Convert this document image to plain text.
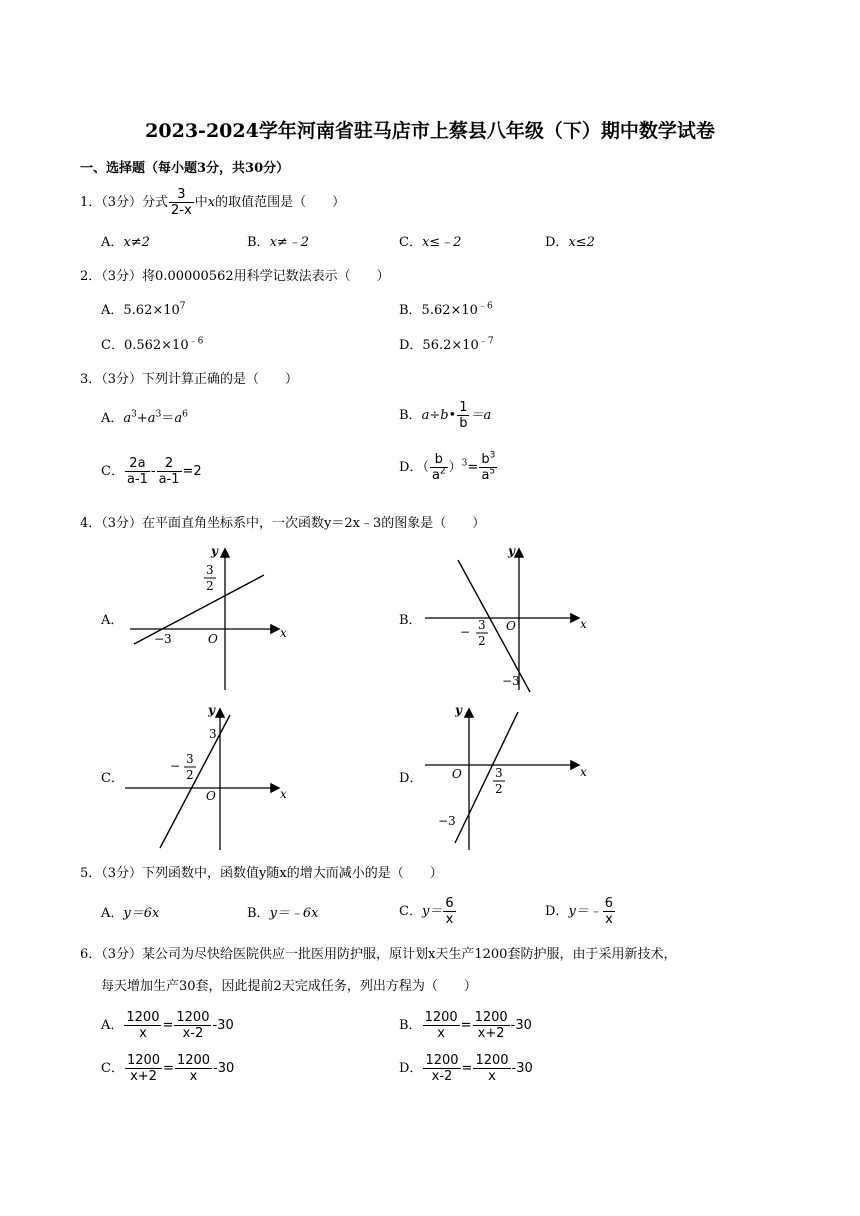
2023-2024学年河南省驻马店市上蔡县八年级（下）期中数学试卷
一、选择题（每小题3分，共30分）
1．（3分）分式 $\frac{3}{2-x}$ 中x的取值范围是（　　）
A．x≠2	B．x≠﹣2	C．x≤﹣2	D．x≤2
2．（3分）将0.00000562用科学记数法表示（　　）
A．$5.62\times 10^7$	B．$5.62\times 10^{﹣6}$
C．$0.562\times 10^{﹣6}$	D．$56.2\times 10^{﹣7}$
3．（3分）下列计算正确的是（　　）
A．$a^3+a^3=a^6$	B．a÷b• $\frac{1}{b} =a$
C． $\frac{2a}{a-1} - \frac{2}{a-1} =2$	D．（ $\frac{b}{a^2} )^3= \frac{b^3}{a^5}$
4．（3分）在平面直角坐标系中，一次函数y＝2x﹣3的图象是（　　）
A．	B．
C．	D．
x
y
O
3
2
−3
x
y
O
− 3
2
−3
x
y
O
3
− 3
2	x
y
O	3
2
−3
5．（3分）下列函数中，函数值y随x的增大而减小的是（　　）
A．y＝6x	B．y＝﹣6x	C．$y= \frac{6}{x}$	D．y＝﹣ $\frac{6}{x}$
6．（3分）某公司为尽快给医院供应一批医用防护服，原计划x天生产1200套防护服，由于采用新技术，
每天增加生产30套，因此提前2天完成任务，列出方程为（　　）
A． $\frac{1200}{x} = \frac{1200}{x-2} -30$	B． $\frac{1200}{x} = \frac{1200}{x+2} -30$
C． $\frac{1200}{x+2} = \frac{1200}{x} -30$	D． $\frac{1200}{x-2} = \frac{1200}{x} -30$
